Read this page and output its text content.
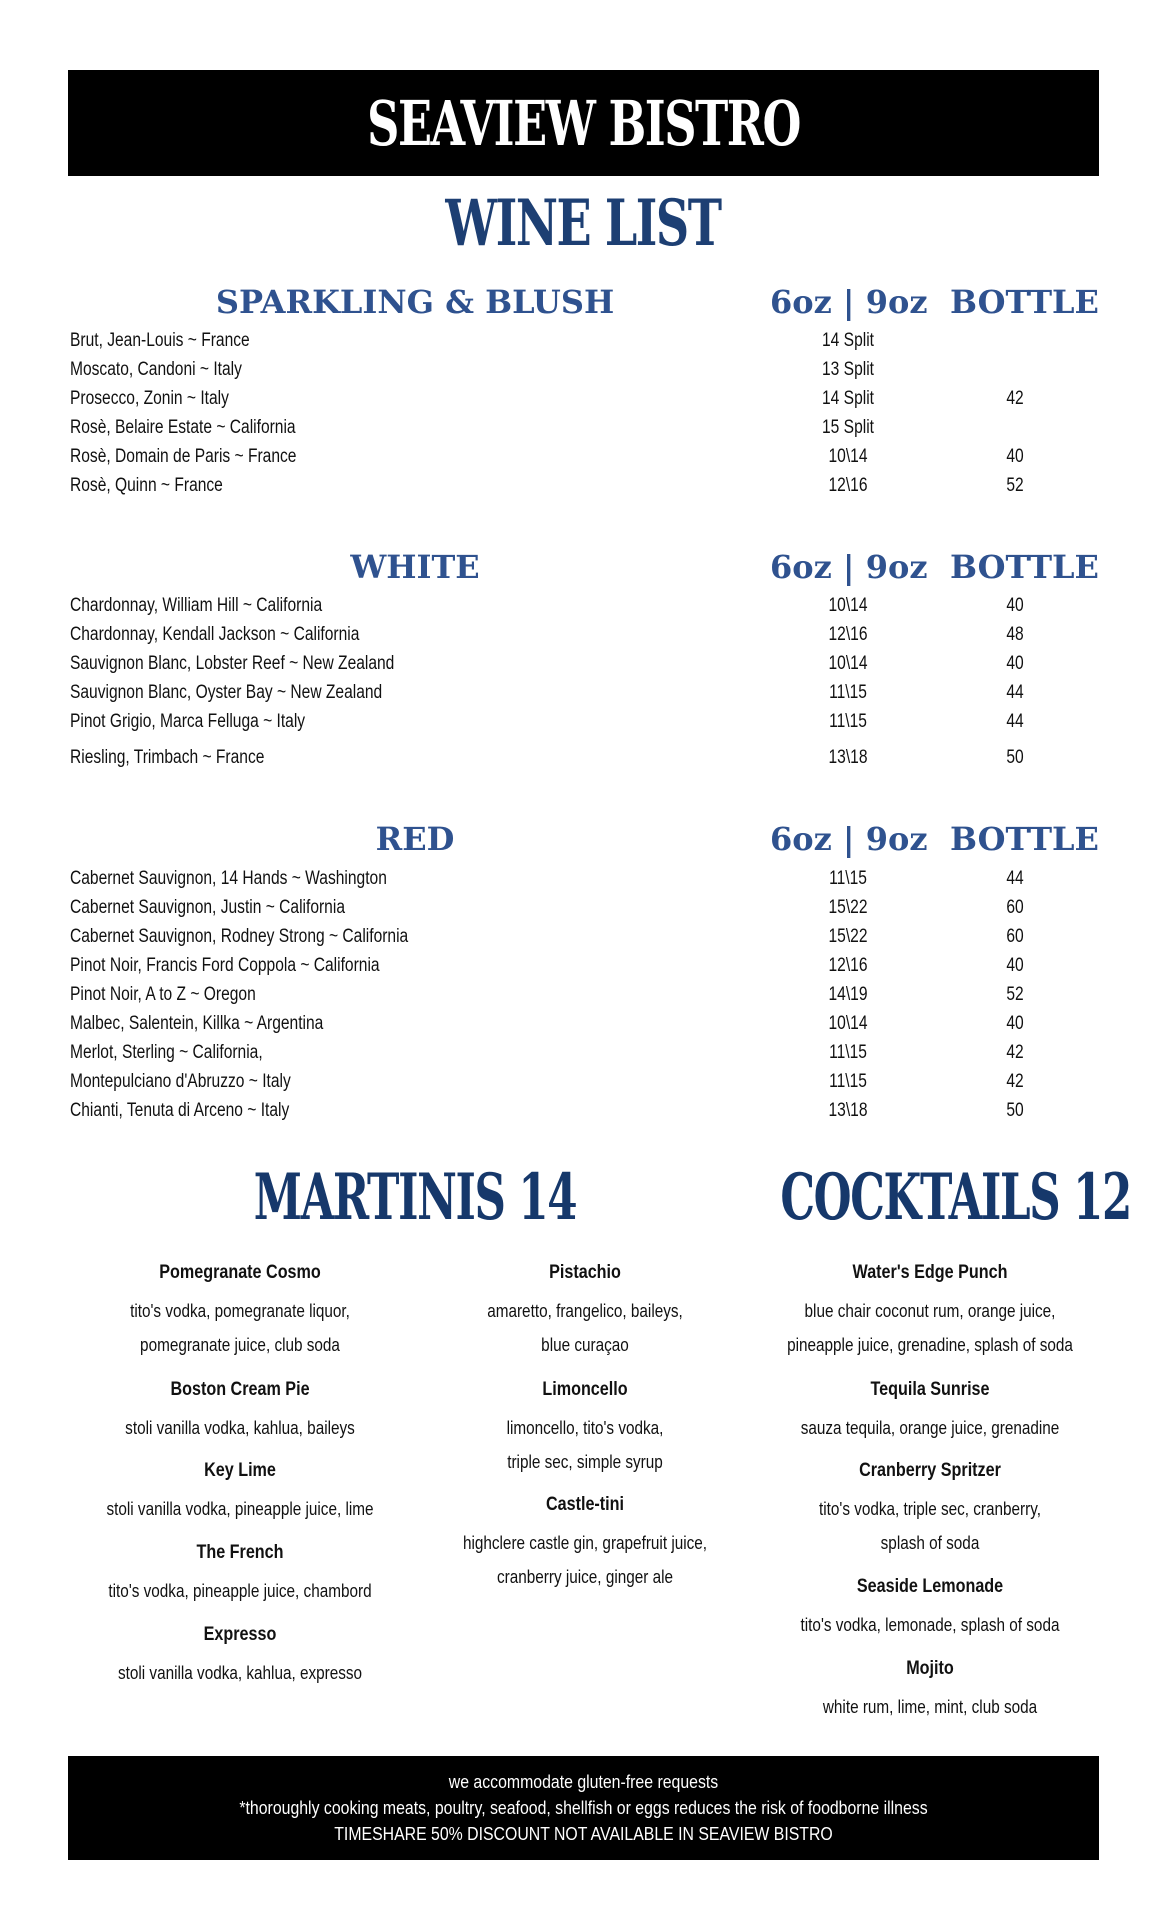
SEAVIEW BISTRO
WINE LIST
SPARKLING & BLUSH	6oz | 9oz BOTTLE
Brut, Jean-Louis ~ France	14 Split
Moscato, Candoni ~ Italy	13 Split
Prosecco, Zonin ~ Italy	14 Split	42
Rosè, Belaire Estate ~ California	15 Split
Rosè, Domain de Paris ~ France	10\14	40
Rosè, Quinn ~ France	12\16	52
WHITE	6oz | 9oz BOTTLE
Chardonnay, William Hill ~ California	10\14	40
Chardonnay, Kendall Jackson ~ California	12\16	48
Sauvignon Blanc, Lobster Reef ~ New Zealand	10\14	40
Sauvignon Blanc, Oyster Bay ~ New Zealand	11\15	44
Pinot Grigio, Marca Felluga ~ Italy	11\15	44
Riesling, Trimbach ~ France	13\18	50
RED	6oz | 9oz BOTTLE
Cabernet Sauvignon, 14 Hands ~ Washington	11\15	44
Cabernet Sauvignon, Justin ~ California	15\22	60
Cabernet Sauvignon, Rodney Strong ~ California	15\22	60
Pinot Noir, Francis Ford Coppola ~ California	12\16	40
Pinot Noir, A to Z ~ Oregon	14\19	52
Malbec, Salentein, Killka ~ Argentina	10\14	40
Merlot, Sterling ~ California,	11\15	42
Montepulciano d'Abruzzo ~ Italy	11\15	42
Chianti, Tenuta di Arceno ~ Italy	13\18	50
MARTINIS 14	COCKTAILS 12
Pomegranate Cosmo
tito's vodka, pomegranate liquor,
pomegranate juice, club soda
Boston Cream Pie
stoli vanilla vodka, kahlua, baileys
Key Lime
stoli vanilla vodka, pineapple juice, lime
The French
tito's vodka, pineapple juice, chambord
Expresso
stoli vanilla vodka, kahlua, expresso
Pistachio
amaretto, frangelico, baileys,
blue curaçao
Limoncello
limoncello, tito's vodka,
triple sec, simple syrup
Castle-tini
highclere castle gin, grapefruit juice,
cranberry juice, ginger ale
Water's Edge Punch
blue chair coconut rum, orange juice,
pineapple juice, grenadine, splash of soda
Tequila Sunrise
sauza tequila, orange juice, grenadine
Cranberry Spritzer
tito's vodka, triple sec, cranberry,
splash of soda
Seaside Lemonade
tito's vodka, lemonade, splash of soda
Mojito
white rum, lime, mint, club soda
we accommodate gluten-free requests
*thoroughly cooking meats, poultry, seafood, shellfish or eggs reduces the risk of foodborne illness
TIMESHARE 50% DISCOUNT NOT AVAILABLE IN SEAVIEW BISTRO
